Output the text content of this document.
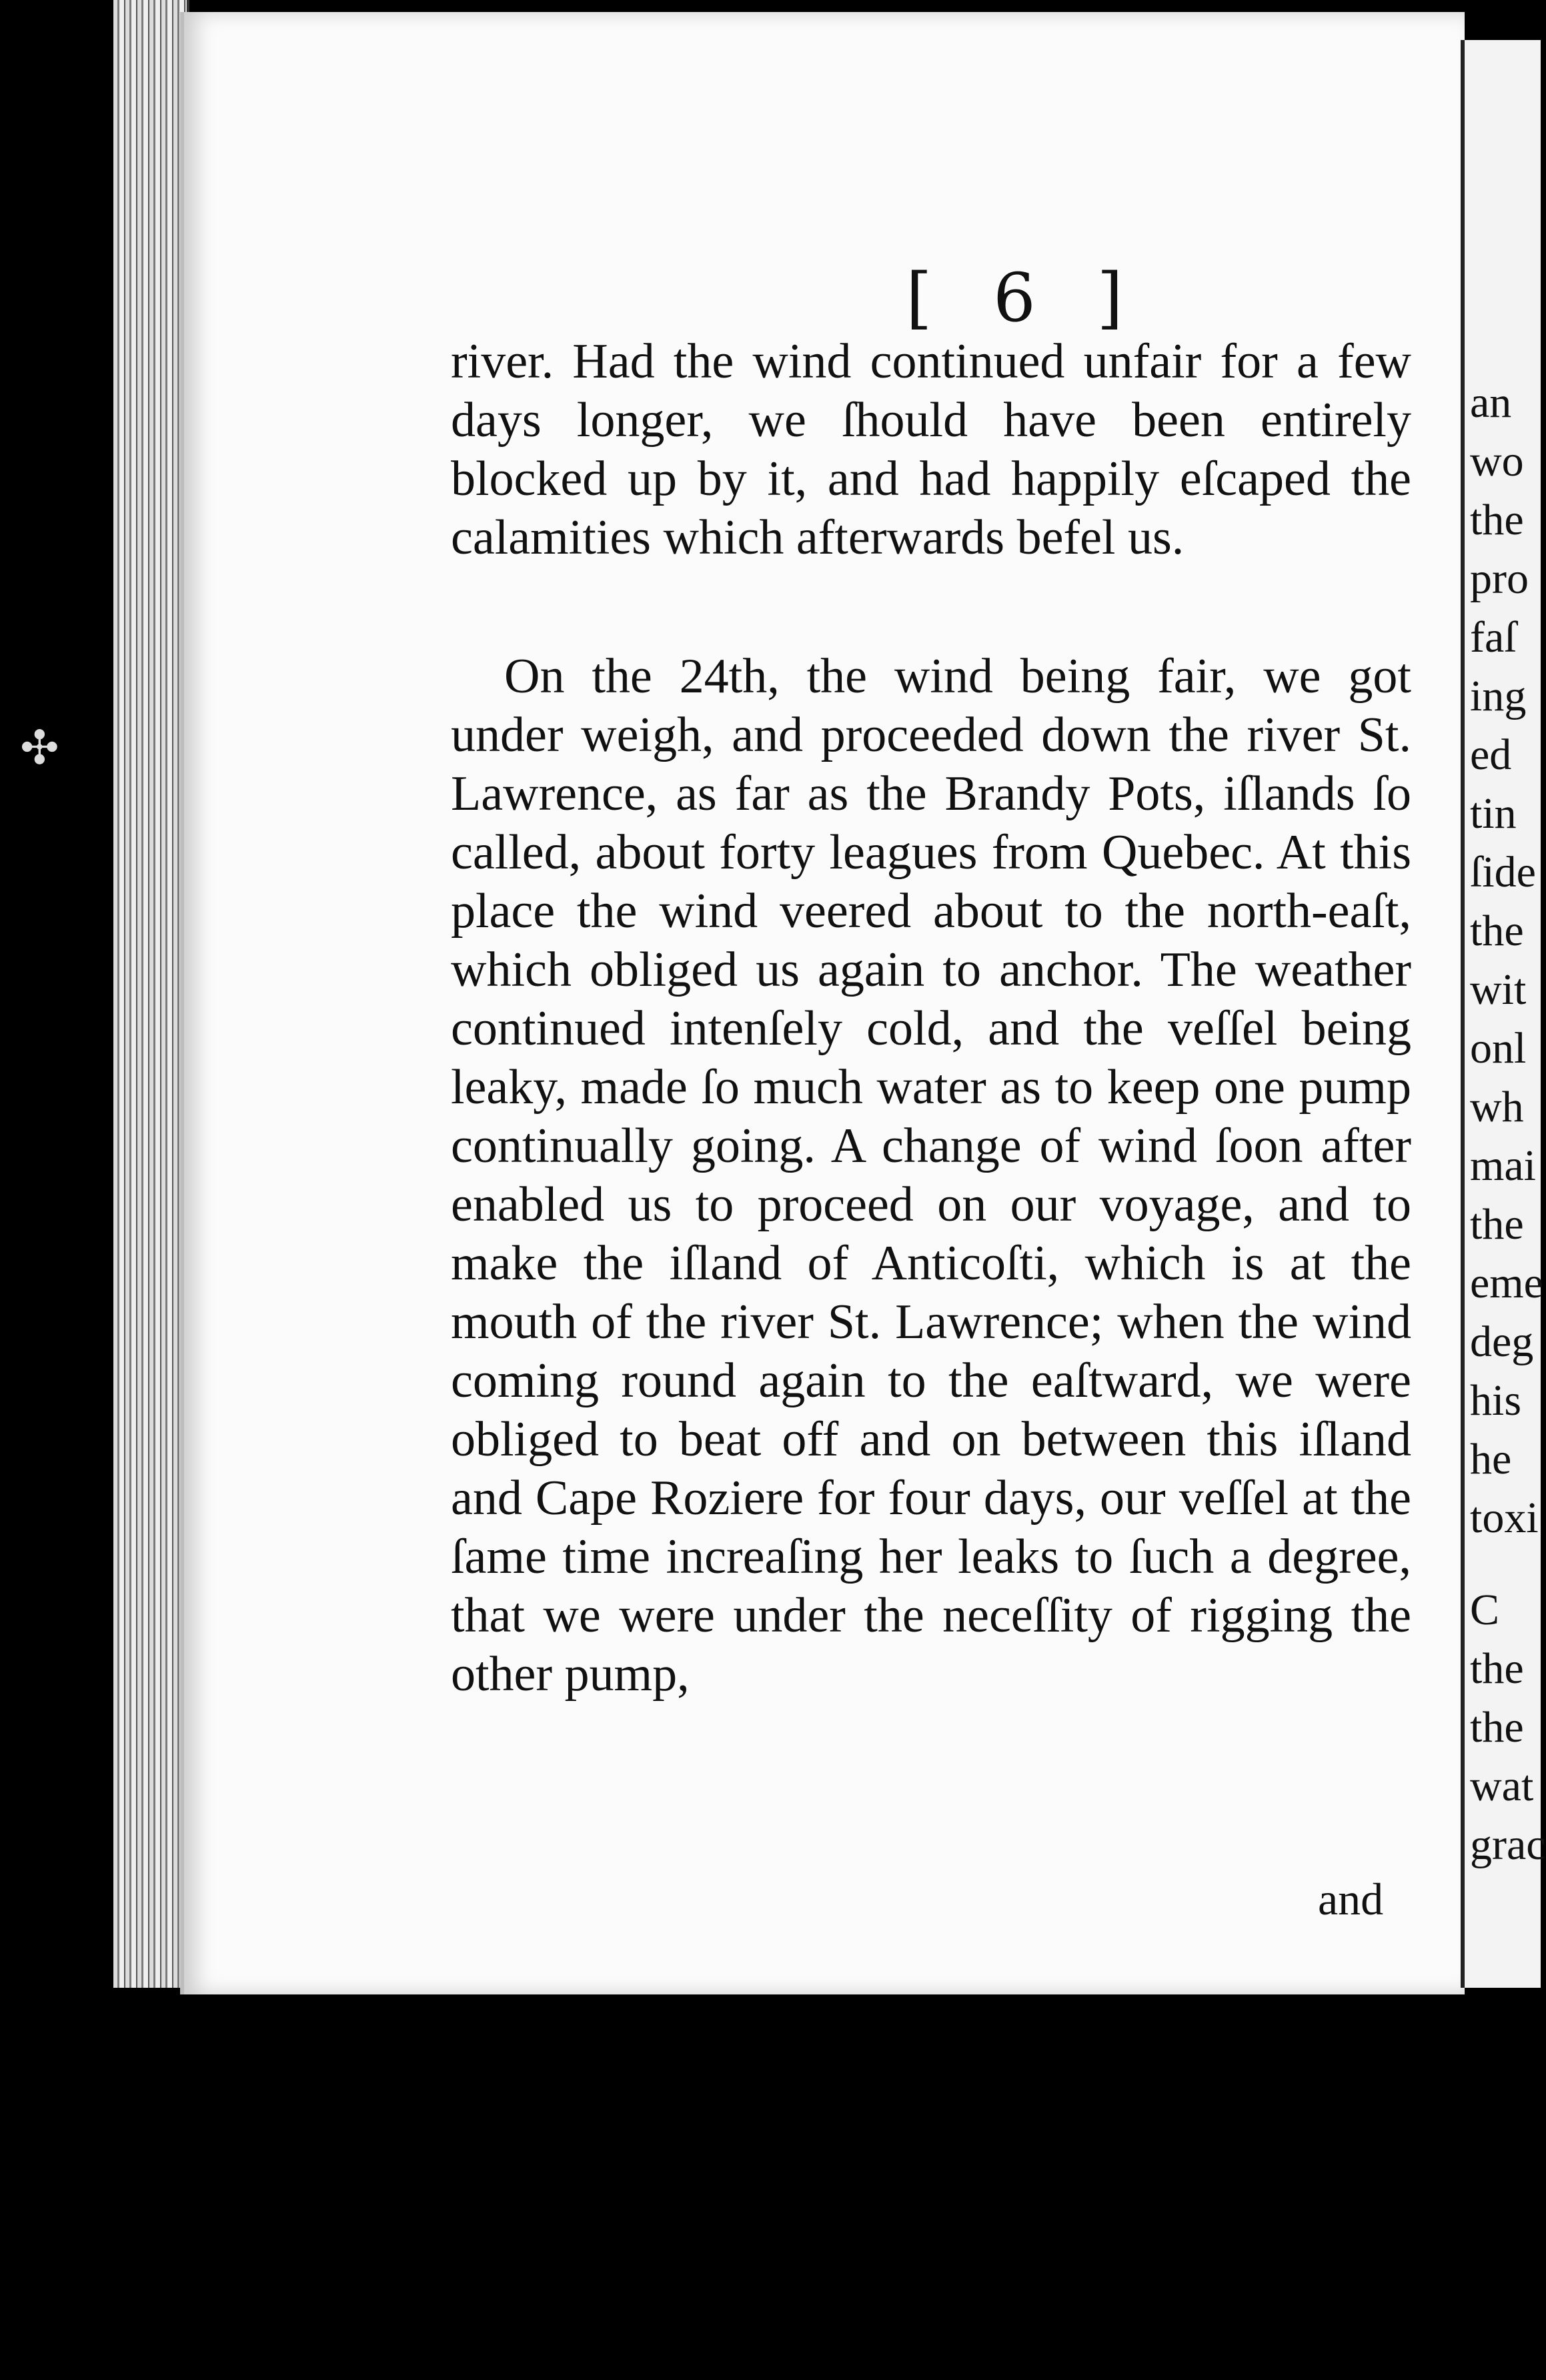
[ 6 ]

river. Had the wind continued unfair for a few days longer, we ſhould have been entirely blocked up by it, and had happily eſcaped the calamities which afterwards befel us.

On the 24th, the wind being fair, we got under weigh, and proceeded down the river St. Lawrence, as far as the Brandy Pots, iſlands ſo called, about forty leagues from Quebec. At this place the wind veered about to the north-eaſt, which obliged us again to anchor. The weather continued intenſely cold, and the veſſel being leaky, made ſo much water as to keep one pump continually going. A change of wind ſoon after enabled us to proceed on our voyage, and to make the iſland of Anticoſti, which is at the mouth of the river St. Lawrence; when the wind coming round again to the eaſtward, we were obliged to beat off and on between this iſland and Cape Roziere for four days, our veſſel at the ſame time increaſing her leaks to ſuch a degree, that we were under the neceſſity of rigging the other pump,

and
an
wo
the
pro
faſ
ing
ed
tin
ſide
the
wit
onl
wh
mai
the
eme
deg
his
he
toxi
C
the
the
wat
grac
✣
